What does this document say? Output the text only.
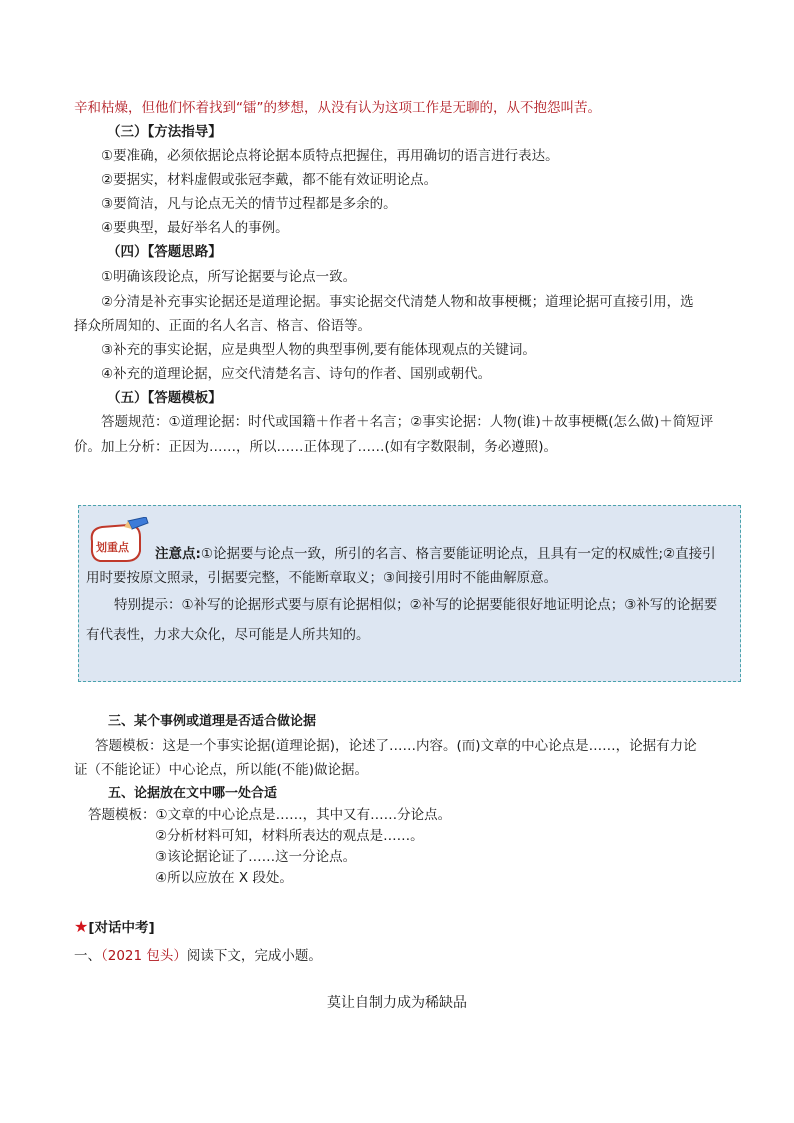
辛和枯燥，但他们怀着找到“镭”的梦想，从没有认为这项工作是无聊的，从不抱怨叫苦。
（三）【方法指导】
①要准确，必须依据论点将论据本质特点把握住，再用确切的语言进行表达。
②要据实，材料虚假或张冠李戴，都不能有效证明论点。
③要简洁，凡与论点无关的情节过程都是多余的。
④要典型，最好举名人的事例。
（四）【答题思路】
①明确该段论点，所写论据要与论点一致。
②分清是补充事实论据还是道理论据。事实论据交代清楚人物和故事梗概；道理论据可直接引用，选
择众所周知的、正面的名人名言、格言、俗语等。
③补充的事实论据，应是典型人物的典型事例,要有能体现观点的关键词。
④补充的道理论据，应交代清楚名言、诗句的作者、国别或朝代。
（五）【答题模板】
答题规范：①道理论据：时代或国籍＋作者＋名言；②事实论据：人物(谁)＋故事梗概(怎么做)＋简短评
价。加上分析：正因为……，所以……正体现了……(如有字数限制，务必遵照)。
划重点 注意点:①论据要与论点一致，所引的名言、格言要能证明论点，且具有一定的权威性;②直接引
用时要按原文照录，引据要完整，不能断章取义；③间接引用时不能曲解原意。
特别提示：①补写的论据形式要与原有论据相似；②补写的论据要能很好地证明论点；③补写的论据要
有代表性，力求大众化，尽可能是人所共知的。
三、某个事例或道理是否适合做论据
答题模板：这是一个事实论据(道理论据)，论述了……内容。(而)文章的中心论点是……，论据有力论
证（不能论证）中心论点，所以能(不能)做论据。
五、论据放在文中哪一处合适
答题模板：①文章的中心论点是……，其中又有……分论点。
②分析材料可知，材料所表达的观点是……。
③该论据论证了……这一分论点。
④所以应放在 X 段处。
★[对话中考]
一、（2021 包头）阅读下文，完成小题。
莫让自制力成为稀缺品
